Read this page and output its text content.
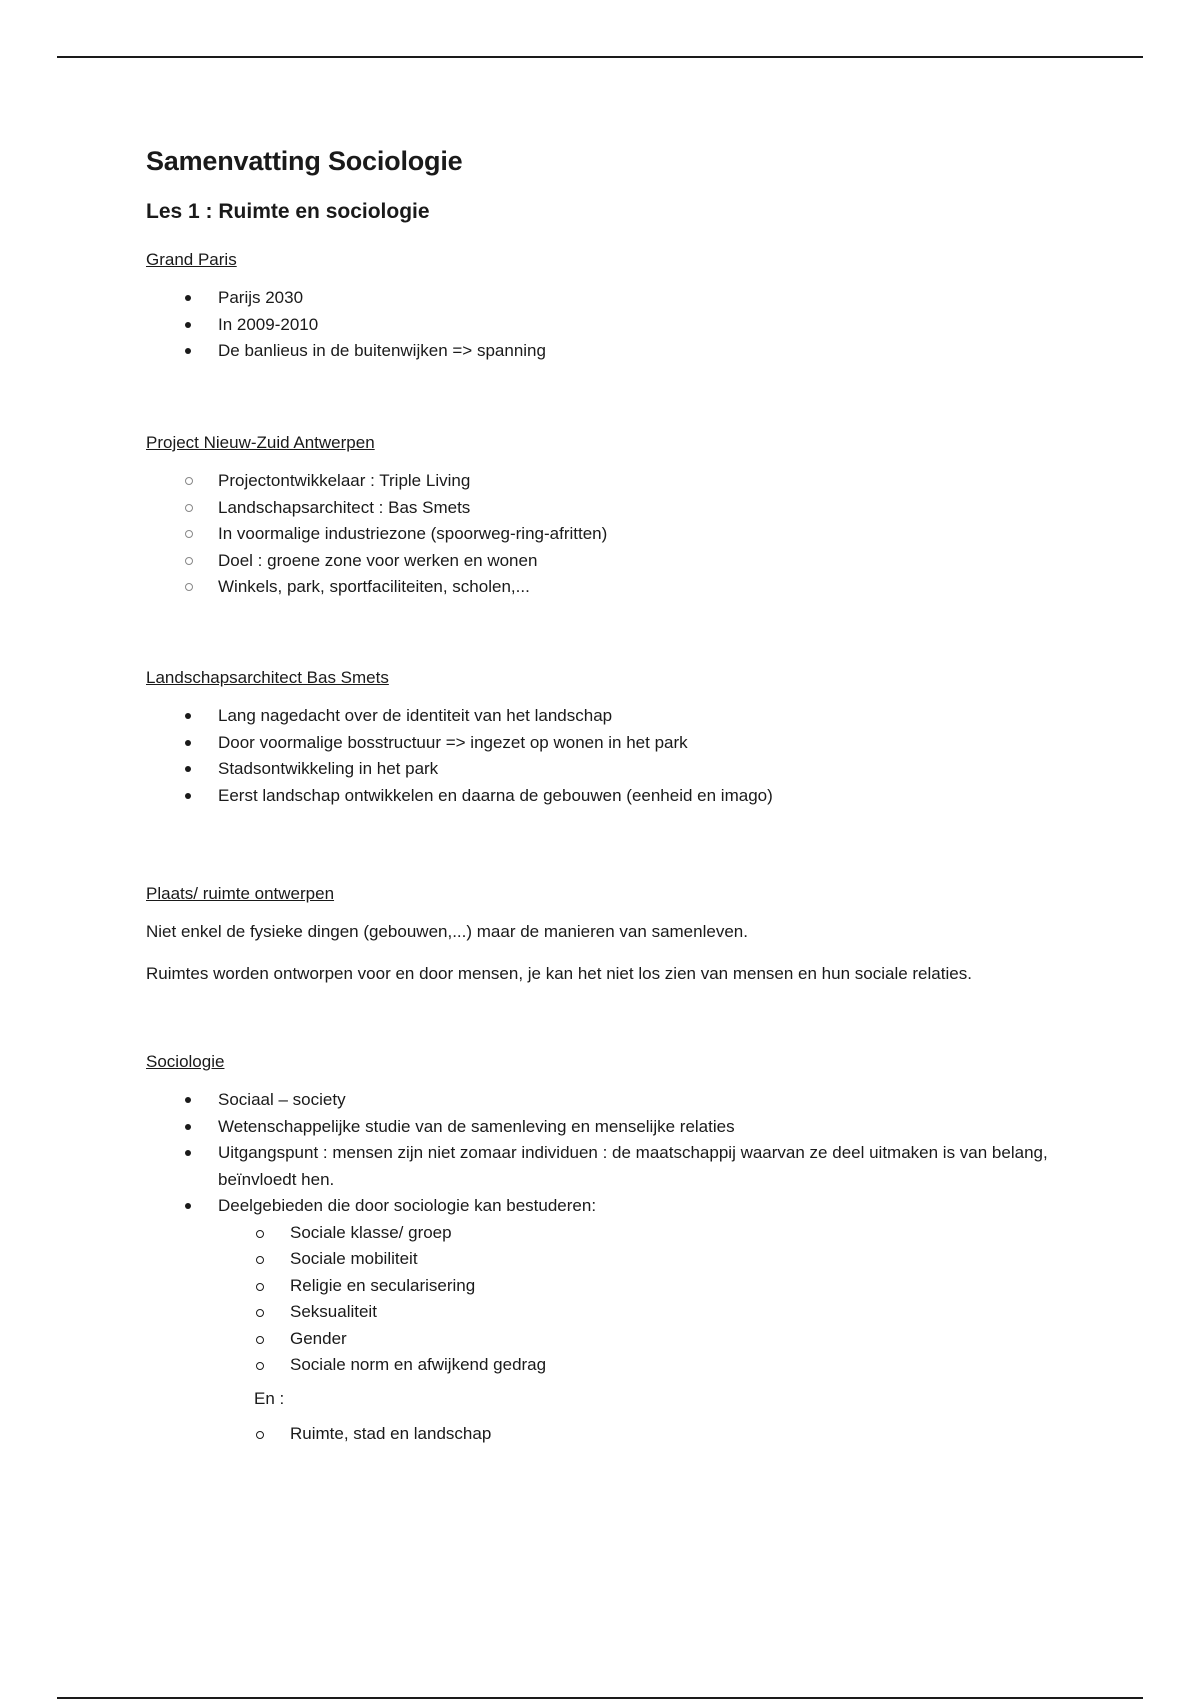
Samenvatting Sociologie
Les 1 : Ruimte en sociologie
Grand Paris
Parijs 2030
In 2009-2010
De banlieus in de buitenwijken => spanning
Project Nieuw-Zuid Antwerpen
Projectontwikkelaar : Triple Living
Landschapsarchitect : Bas Smets
In voormalige industriezone (spoorweg-ring-afritten)
Doel : groene zone voor werken en wonen
Winkels, park, sportfaciliteiten, scholen,...
Landschapsarchitect Bas Smets
Lang nagedacht over de identiteit van het landschap
Door voormalige bosstructuur => ingezet op wonen in het park
Stadsontwikkeling in het park
Eerst landschap ontwikkelen en daarna de gebouwen (eenheid en imago)
Plaats/ ruimte ontwerpen

Niet enkel de fysieke dingen (gebouwen,...) maar de manieren van samenleven.

Ruimtes worden ontworpen voor en door mensen, je kan het niet los zien van mensen en hun sociale relaties.

Sociologie
Sociaal – society
Wetenschappelijke studie van de samenleving en menselijke relaties
Uitgangspunt : mensen zijn niet zomaar individuen : de maatschappij waarvan ze deel uitmaken is van belang, beïnvloedt hen.
Deelgebieden die door sociologie kan bestuderen:
Sociale klasse/ groep
Sociale mobiliteit
Religie en secularisering
Seksualiteit
Gender
Sociale norm en afwijkend gedrag
En :
Ruimte, stad en landschap
